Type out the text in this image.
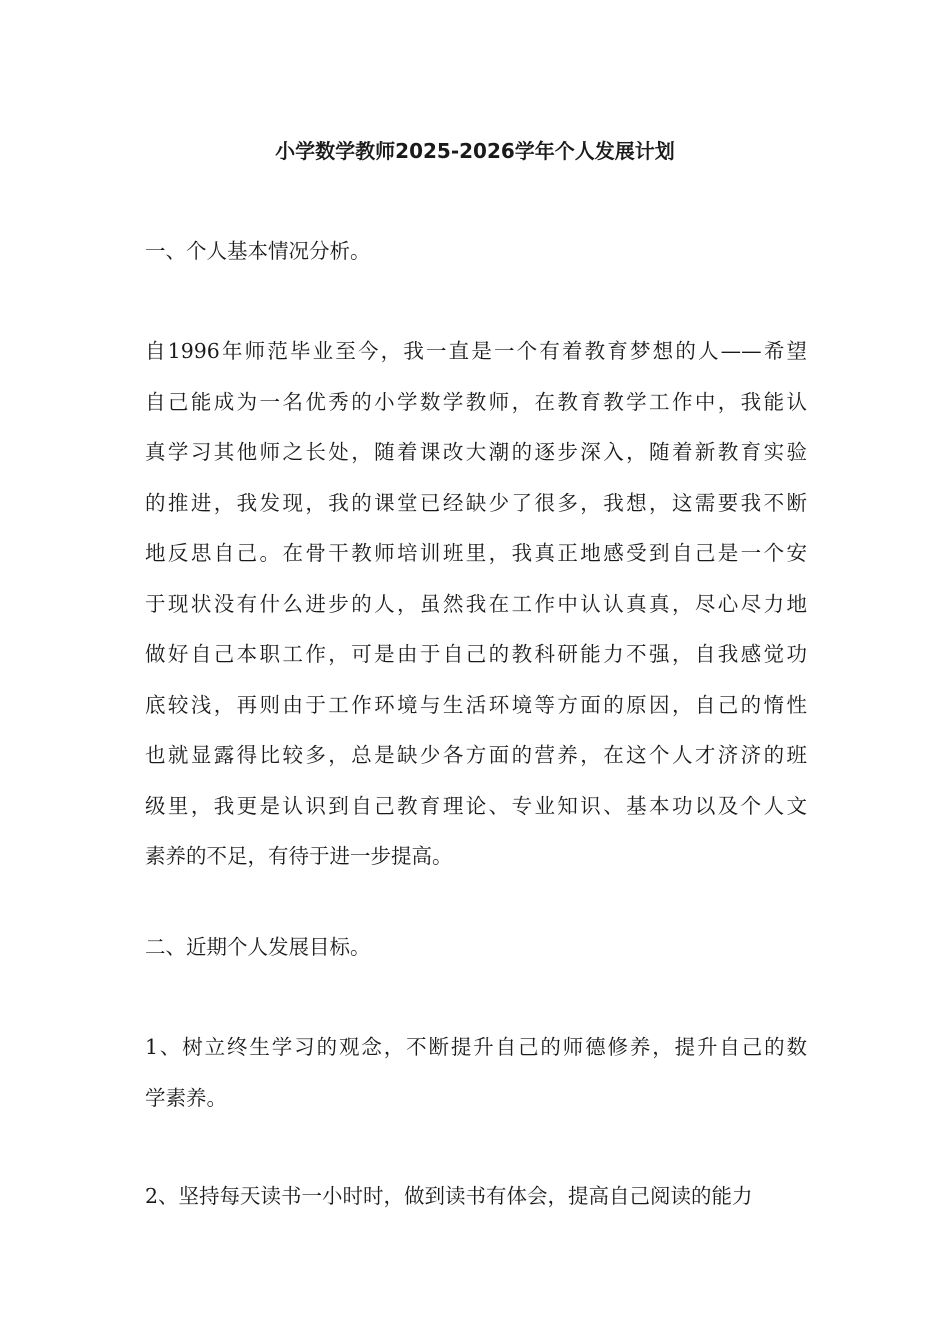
小学数学教师2025-2026学年个人发展计划

一、个人基本情况分析。

自1996年师范毕业至今，我一直是一个有着教育梦想的人——希望
自己能成为一名优秀的小学数学教师，在教育教学工作中，我能认
真学习其他师之长处，随着课改大潮的逐步深入，随着新教育实验
的推进，我发现，我的课堂已经缺少了很多，我想，这需要我不断
地反思自己。在骨干教师培训班里，我真正地感受到自己是一个安
于现状没有什么进步的人，虽然我在工作中认认真真，尽心尽力地
做好自己本职工作，可是由于自己的教科研能力不强，自我感觉功
底较浅，再则由于工作环境与生活环境等方面的原因，自己的惰性
也就显露得比较多，总是缺少各方面的营养，在这个人才济济的班
级里，我更是认识到自己教育理论、专业知识、基本功以及个人文
素养的不足，有待于进一步提高。

二、近期个人发展目标。

1、树立终生学习的观念，不断提升自己的师德修养，提升自己的数
学素养。
2、坚持每天读书一小时时，做到读书有体会，提高自己阅读的能力
